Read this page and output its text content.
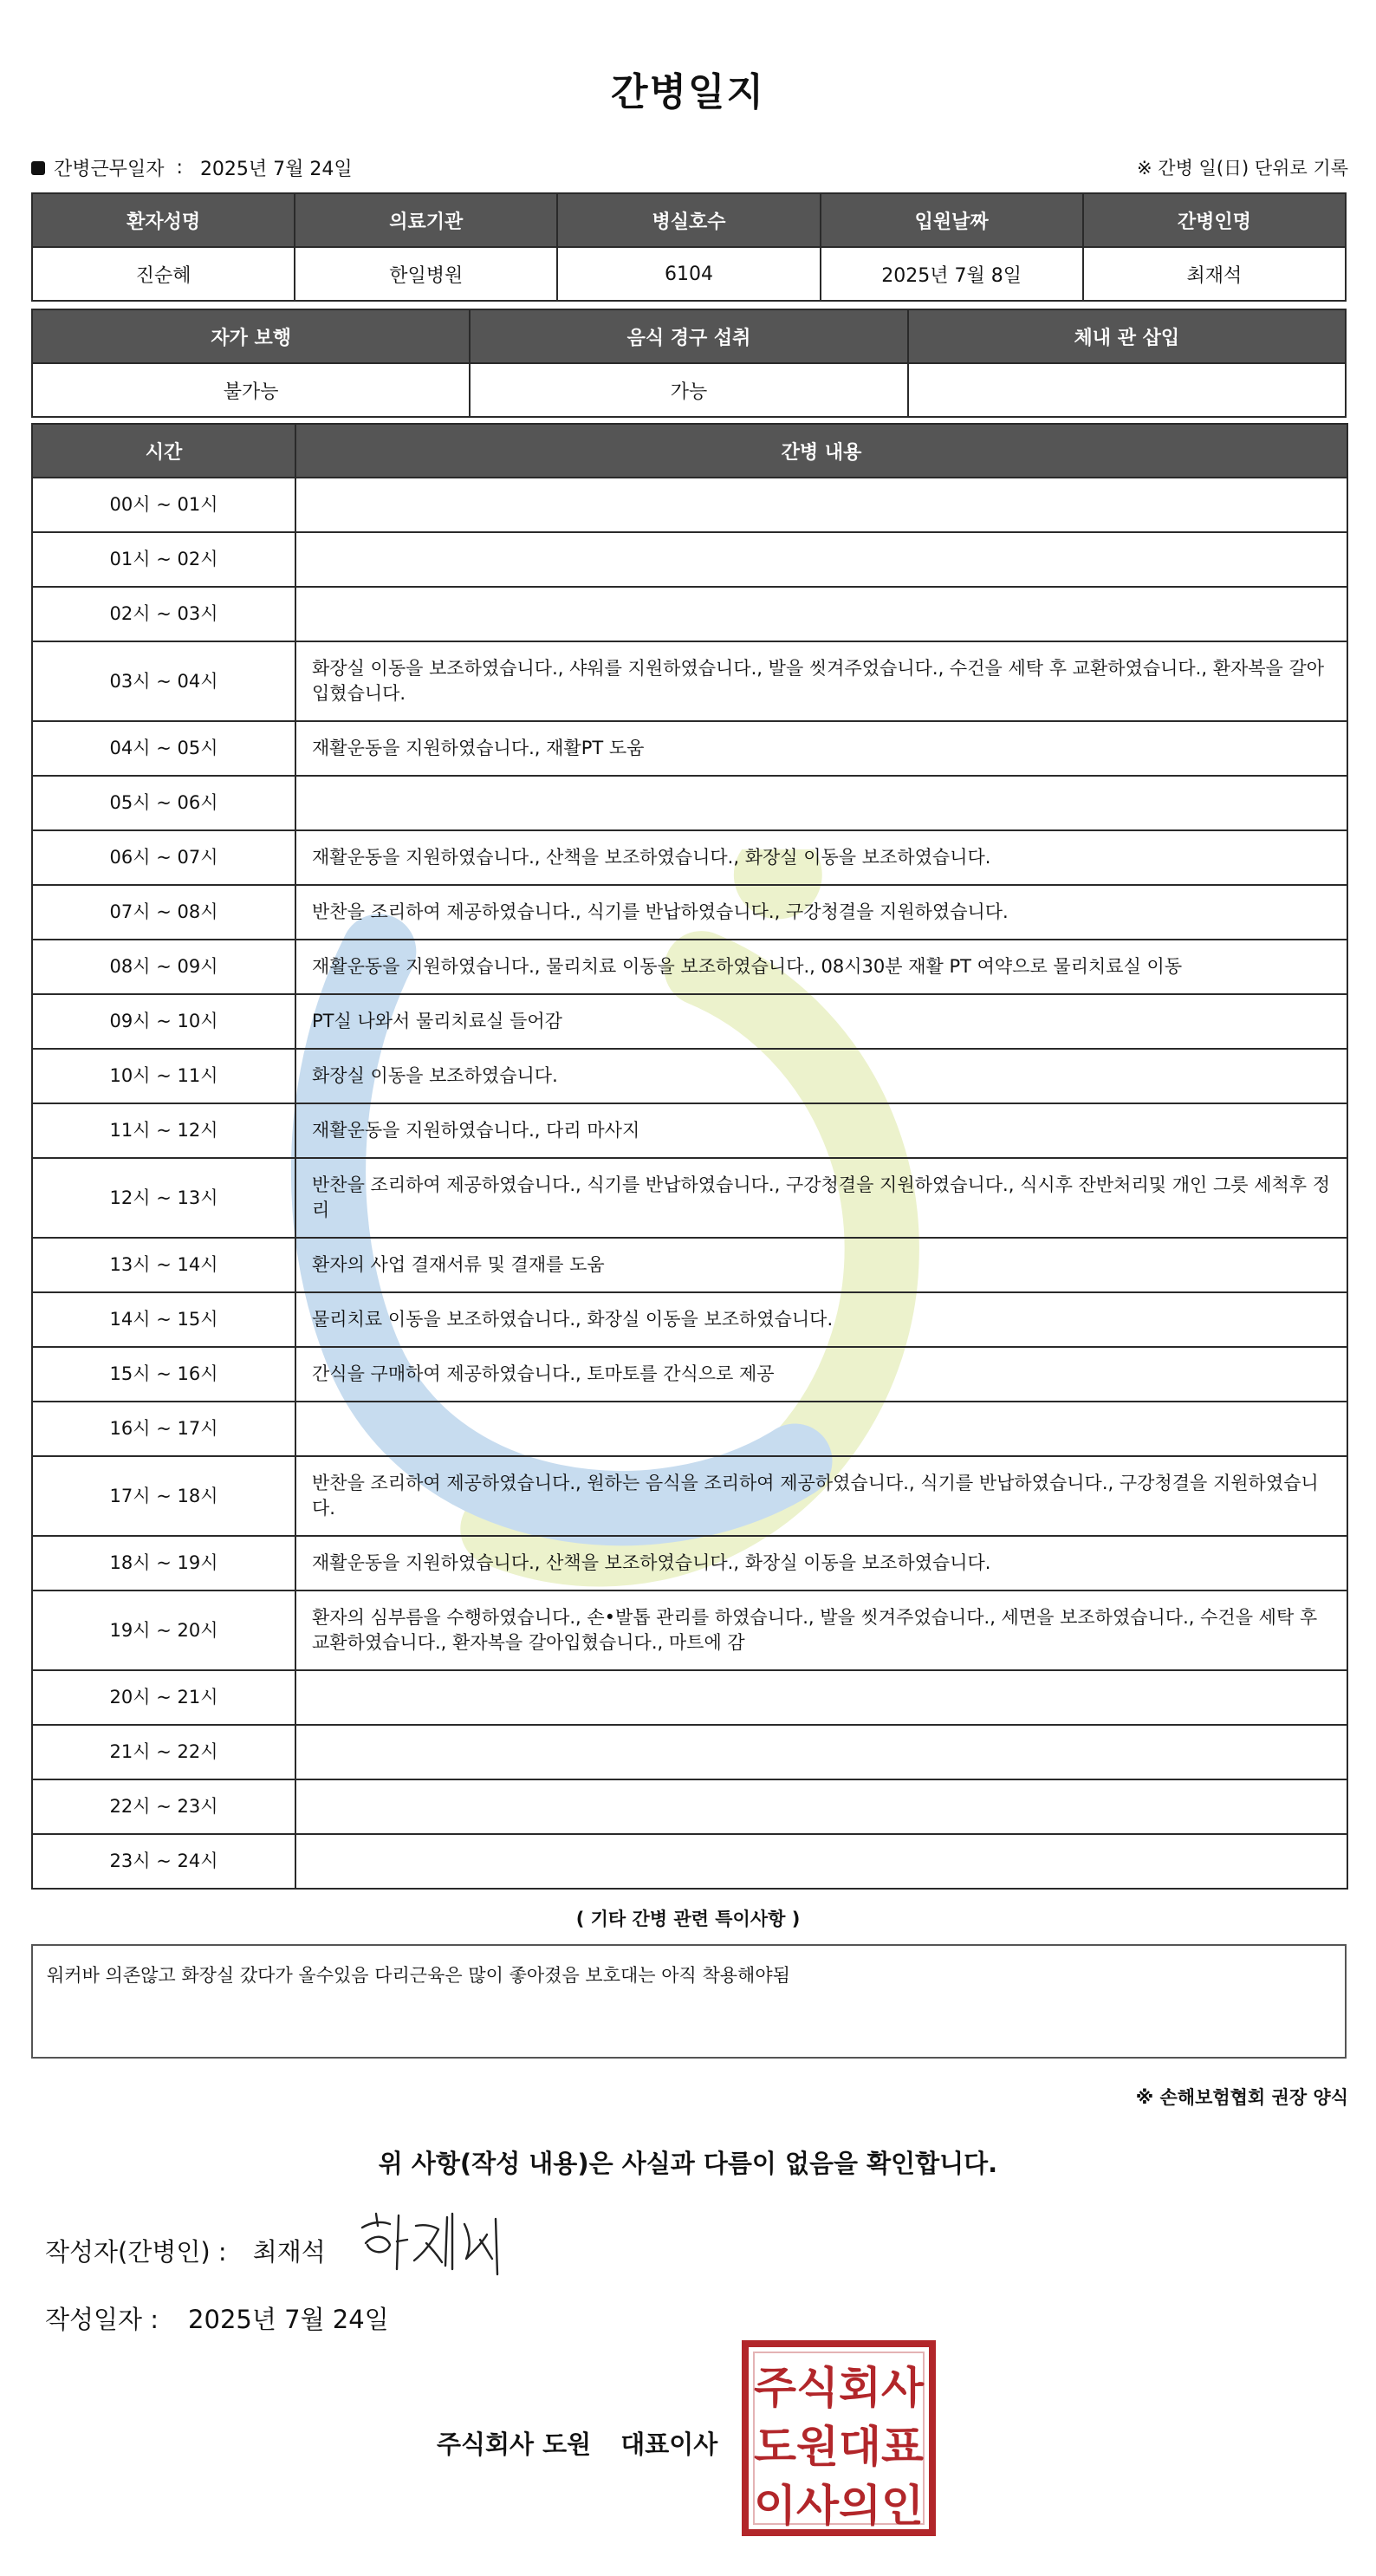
간병일지
간병근무일자 : 2025년 7월 24일	※ 간병 일(日) 단위로 기록
환자성명	의료기관	병실호수	입원날짜	간병인명
진순혜	한일병원	6104	2025년 7월 8일	최재석
자가 보행	음식 경구 섭취	체내 관 삽입
불가능	가능	
시간	간병 내용
00시 ~ 01시	
01시 ~ 02시	
02시 ~ 03시	
03시 ~ 04시	화장실 이동을 보조하였습니다., 샤워를 지원하였습니다., 발을 씻겨주었습니다., 수건을 세탁 후 교환하였습니다., 환자복을 갈아입혔습니다.
04시 ~ 05시	재활운동을 지원하였습니다., 재활PT 도움
05시 ~ 06시	
06시 ~ 07시	재활운동을 지원하였습니다., 산책을 보조하였습니다., 화장실 이동을 보조하였습니다.
07시 ~ 08시	반찬을 조리하여 제공하였습니다., 식기를 반납하였습니다., 구강청결을 지원하였습니다.
08시 ~ 09시	재활운동을 지원하였습니다., 물리치료 이동을 보조하였습니다., 08시30분 재활 PT 여약으로 물리치료실 이동
09시 ~ 10시	PT실 나와서 물리치료실 들어감
10시 ~ 11시	화장실 이동을 보조하였습니다.
11시 ~ 12시	재활운동을 지원하였습니다., 다리 마사지
12시 ~ 13시	반찬을 조리하여 제공하였습니다., 식기를 반납하였습니다., 구강청결을 지원하였습니다., 식시후 잔반처리및 개인 그릇 세척후 정리
13시 ~ 14시	환자의 사업 결재서류 및 결재를 도움
14시 ~ 15시	물리치료 이동을 보조하였습니다., 화장실 이동을 보조하였습니다.
15시 ~ 16시	간식을 구매하여 제공하였습니다., 토마토를 간식으로 제공
16시 ~ 17시	
17시 ~ 18시	반찬을 조리하여 제공하였습니다., 원하는 음식을 조리하여 제공하였습니다., 식기를 반납하였습니다., 구강청결을 지원하였습니다.
18시 ~ 19시	재활운동을 지원하였습니다., 산책을 보조하였습니다., 화장실 이동을 보조하였습니다.
19시 ~ 20시	환자의 심부름을 수행하였습니다., 손•발톱 관리를 하였습니다., 발을 씻겨주었습니다., 세면을 보조하였습니다., 수건을 세탁 후 교환하였습니다., 환자복을 갈아입혔습니다., 마트에 감
20시 ~ 21시	
21시 ~ 22시	
22시 ~ 23시	
23시 ~ 24시	
( 기타 간병 관련 특이사항 )
워커바 의존않고 화장실 갔다가 올수있음 다리근육은 많이 좋아졌음 보호대는 아직 착용해야됨
※ 손해보험협회 권장 양식
위 사항(작성 내용)은 사실과 다름이 없음을 확인합니다.
작성자(간병인) : 최재석
작성일자 : 2025년 7월 24일
주식회사 도원 대표이사
주식회사
도원대표
이사의인
